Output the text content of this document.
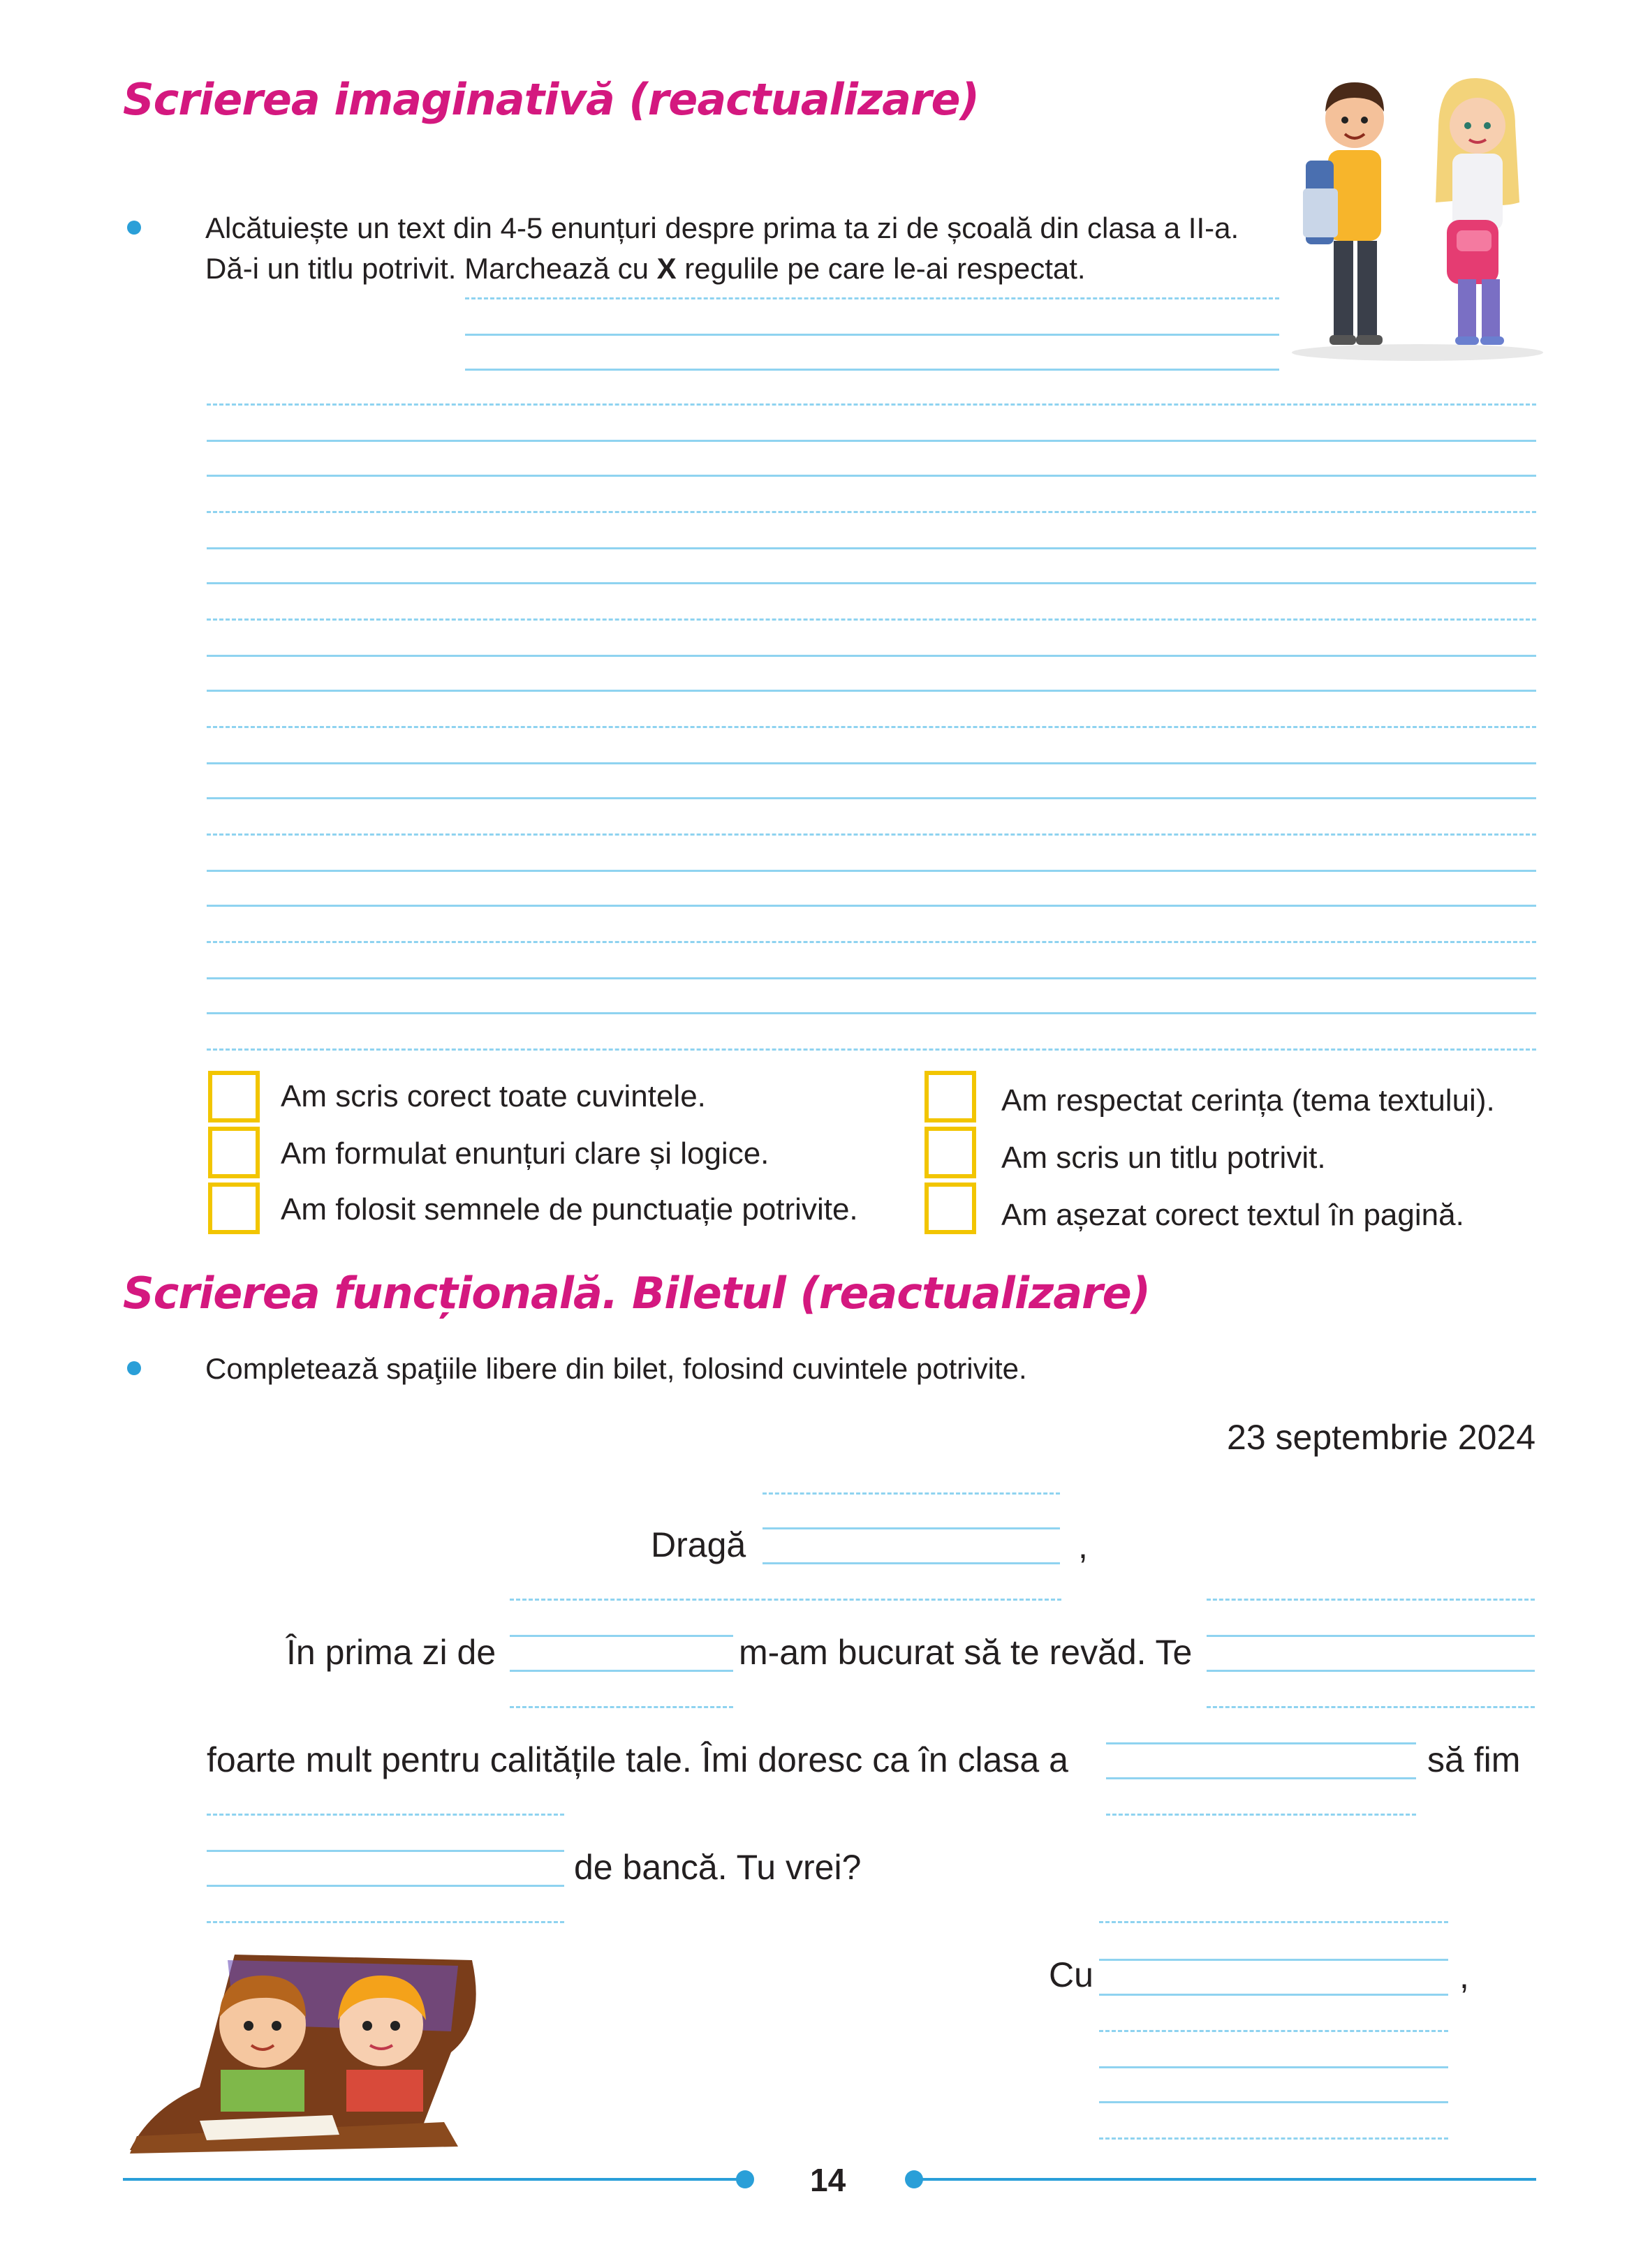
Scrierea imaginativă (reactualizare)
Alcătuiește un text din 4-5 enunțuri despre prima ta zi de școală din clasa a II-a.
Dă-i un titlu potrivit. Marchează cu X regulile pe care le-ai respectat.
Am scris corect toate cuvintele.
Am formulat enunțuri clare și logice.
Am folosit semnele de punctuație potrivite.
Am respectat cerința (tema textului).
Am scris un titlu potrivit.
Am așezat corect textul în pagină.
Scrierea funcțională. Biletul (reactualizare)
Completează spaţiile libere din bilet, folosind cuvintele potrivite.
23 septembrie 2024
Dragă	,
În prima zi de	m-am bucurat să te revăd. Te
foarte mult pentru calitățile tale. Îmi doresc ca în clasa a	să fim
de bancă. Tu vrei?
Cu	,
14
